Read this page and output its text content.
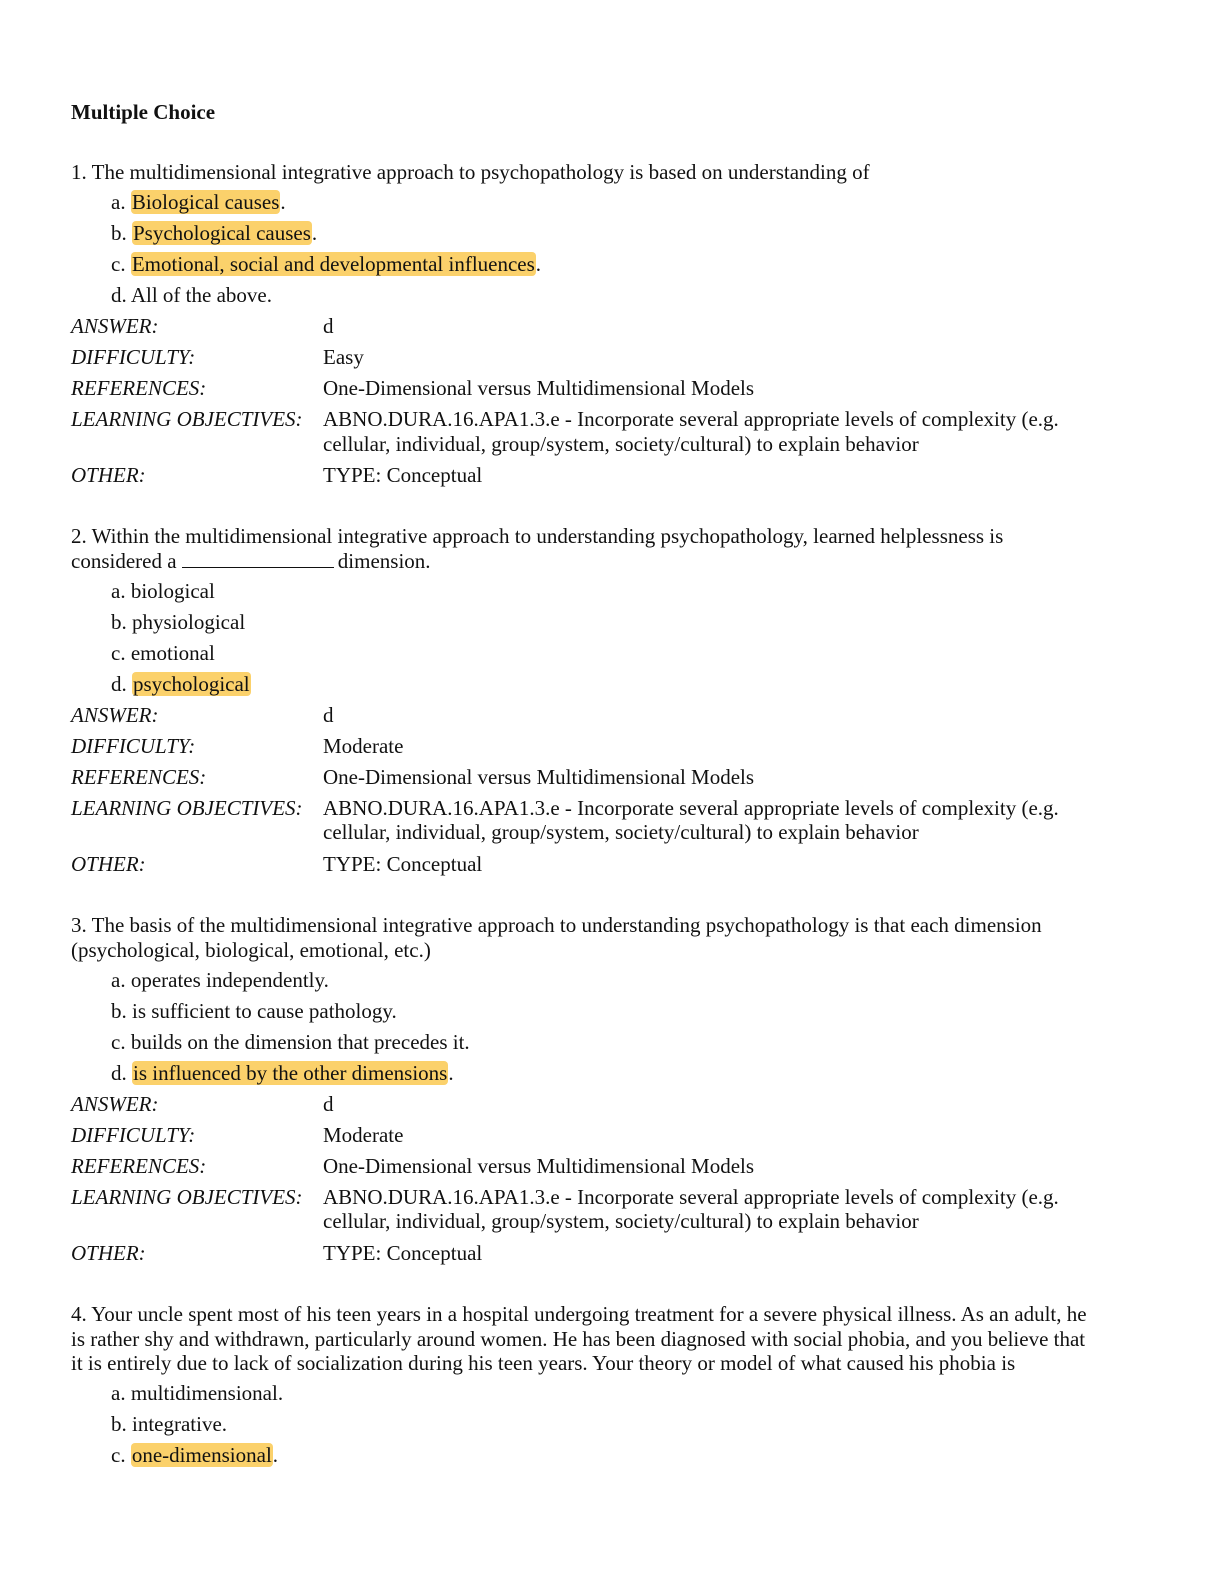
Multiple Choice

1. The multidimensional integrative approach to psychopathology is based on understanding of

a. Biological causes.
b. Psychological causes.
c. Emotional, social and developmental influences.
d. All of the above.
ANSWER:	d
DIFFICULTY:	Easy
REFERENCES:	One-Dimensional versus Multidimensional Models
LEARNING OBJECTIVES: ABNO.DURA.16.APA1.3.e - Incorporate several appropriate levels of complexity (e.g.
cellular, individual, group/system, society/cultural) to explain behavior
OTHER:	TYPE: Conceptual

2. Within the multidimensional integrative approach to understanding psychopathology, learned helplessness is
considered a	dimension.

a. biological
b. physiological
c. emotional
d. psychological
ANSWER:	d
DIFFICULTY:	Moderate
REFERENCES:	One-Dimensional versus Multidimensional Models
LEARNING OBJECTIVES: ABNO.DURA.16.APA1.3.e - Incorporate several appropriate levels of complexity (e.g.
cellular, individual, group/system, society/cultural) to explain behavior
OTHER:	TYPE: Conceptual

3. The basis of the multidimensional integrative approach to understanding psychopathology is that each dimension
(psychological, biological, emotional, etc.)

a. operates independently.
b. is sufficient to cause pathology.
c. builds on the dimension that precedes it.
d. is influenced by the other dimensions.
ANSWER:	d
DIFFICULTY:	Moderate
REFERENCES:	One-Dimensional versus Multidimensional Models
LEARNING OBJECTIVES: ABNO.DURA.16.APA1.3.e - Incorporate several appropriate levels of complexity (e.g.
cellular, individual, group/system, society/cultural) to explain behavior
OTHER:	TYPE: Conceptual

4. Your uncle spent most of his teen years in a hospital undergoing treatment for a severe physical illness. As an adult, he
is rather shy and withdrawn, particularly around women. He has been diagnosed with social phobia, and you believe that
it is entirely due to lack of socialization during his teen years. Your theory or model of what caused his phobia is

a. multidimensional.
b. integrative.
c. one-dimensional.
